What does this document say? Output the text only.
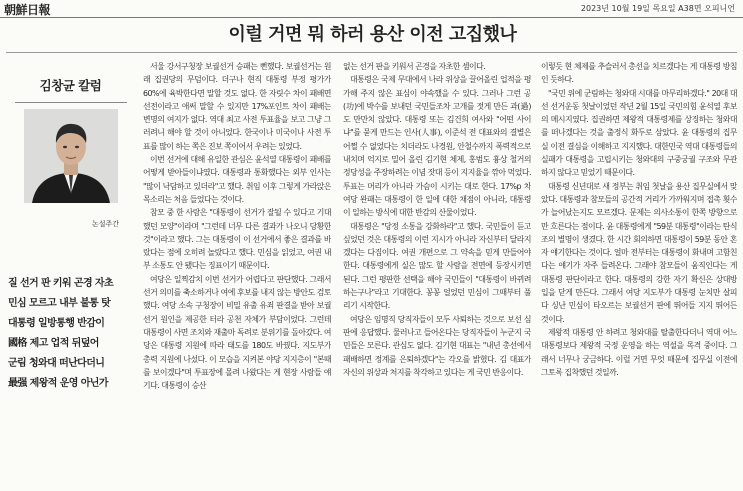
朝鮮日報	2023년 10월 19일 목요일 A38면 오피니언
이럴 거면 뭐 하러 용산 이전 고집했나
김창균 칼럼
논설주간
질 선거 판 키워 곤경 자초
민심 모르고 내부 불통 탓
대통령 일방통행 반감이
國格 제고 업적 뒤덮어
군림 청와대 떠난다더니
最强 제왕적 운영 아닌가

서울 강서구청장 보궐선거 승패는 뻔했다. 보궐선거는 원래 집권당의 무덤이다. 더구나 현직 대통령 부정 평가가 60%에 육박한다면 말할 것도 없다. 한 자릿수 차이 패배면 선전이라고 애써 말할 수 있지만 17%포인트 차이 패배는 변명의 여지가 없다. 역대 최고 사전 투표율을 보고 그냥 그러려니 해야 할 것이 아니었다. 한국이나 미국이나 사전 투표를 많이 하는 쪽은 진보 쪽이어서 우려는 있었다.

이번 선거에 대해 유일한 관심은 윤석열 대통령이 패배를 어떻게 받아들이냐였다. 대통령과 통화했다는 외부 인사는 "많이 낙담하고 있더라"고 했다. 취임 이후 그렇게 가라앉은 목소리는 처음 들었다는 것이다.

참모 중 한 사람은 "대통령이 선거가 잘될 수 있다고 기대했던 모양"이라며 "그런데 너무 다른 결과가 나오니 당황한 것"이라고 했다. 그는 대통령이 이 선거에서 좋은 결과를 바랐다는 점에 오히려 놀랐다고 했다. 민심을 읽었고, 여권 내부 소통도 안 됐다는 징표이기 때문이다.

여당은 일찍감치 이번 선거가 어렵다고 판단했다. 그래서 선거 의미를 축소하거나 여에 후보를 내지 않는 방안도 검토했다. 여당 소속 구청장이 비밀 유출 유죄 판결을 받아 보궐선거 원인을 제공한 터라 공천 자체가 부담이었다. 그런데 대통령이 사면 조치와 재출마 독려로 분위기를 돌아갔다. 여당은 대통령 지원에 따라 태도를 180도 바꿨다. 지도부가 총력 지원에 나섰다. 이 모습을 지켜본 야당 지지층이 "본때를 보이겠다"며 투표장에 몰려 나왔다는 게 현장 사람들 얘기다. 대통령이 승산

없는 선거 판을 키워서 곤경을 자초한 셈이다.

대통령은 국제 무대에서 나라 위상을 끌어올린 업적을 평가해 주지 않은 표심이 야속했을 수 있다. 그러나 그런 공(功)에 박수를 보내던 국민들조차 고개를 젓게 만든 과(過)도 만만치 않았다. 대통령 또는 김건희 여사와 "어떤 사이냐"를 묻게 만드는 인사(人事), 이준석 전 대표와의 결별은 어쩔 수 없었다는 치더라도 나경원, 안철수까지 폭력적으로 내치며 억지로 밀어 올린 김기현 체제, 홍범도 흉상 철거의 정당성을 주장하려는 이념 잣대 등이 지지율을 깎아 먹었다. 투표는 머리가 아니라 가슴이 시키는 대로 한다. 17%p 차 여당 완패는 대통령이 한 일에 대한 채점이 아니라, 대통령이 일하는 방식에 대한 반감의 산물이었다.

대통령은 "당정 소통을 강화하라"고 했다. 국민들이 듣고 싶었던 것은 대통령의 이런 지시가 아니라 자신부터 달라지겠다는 다짐이다. 여권 개편으로 그 약속을 믿게 만들어야 한다. 대통령에게 실은 많도 할 사람을 전면에 등장시키면 된다. 그런 평판한 선택을 해야 국민들이 "대통령이 바뀌려 하는구나"라고 기대한다. 꽁꽁 얼었던 민심이 그때부터 풀리기 시작한다.

여당은 임명직 당직자들이 모두 사퇴하는 것으로 보선 심판에 응답했다. 물러나고 들어온다는 당직자들이 누군지 국민들은 모른다. 관심도 없다. 김기현 대표는 "내년 총선에서 패배하면 정계를 은퇴하겠다"는 각오를 밝혔다. 김 대표가 자신의 위상과 처지를 착각하고 있다는 게 국민 반응이다.

이렇듯 현 체제를 추슬러서 총선을 치르겠다는 게 대통령 방침인 듯하다.

"국민 위에 군림하는 청와대 시대를 마무리하겠다." 20대 대선 선거운동 첫날이었던 작년 2월 15일 국민의힘 윤석열 후보의 메시지였다. 집권하면 제왕적 대통령제를 상징하는 청와대를 떠나겠다는 것을 출정식 화두로 삼았다. 윤 대통령의 집무실 이전 결심을 이해하고 지지했다. 대한민국 역대 대통령들의 실패가 대통령을 고립시키는 청와대의 구중궁궐 구조와 무관하지 않다고 믿었기 때문이다.

대통령 신년대로 새 정부는 취임 첫날을 용산 집무실에서 맞았다. 대통령과 참모들의 공간적 거리가 가까워지며 접촉 횟수가 늘어났는지도 모르겠다. 문제는 의사소통이 한쪽 방향으로만 흐른다는 점이다. 윤 대통령에게 "59분 대통령"이라는 탄식조의 별명이 생겼다. 한 시간 회의하면 대통령이 59분 동안 혼자 얘기한다는 것이다. 얼마 전부터는 대통령이 화내며 고함친다는 얘기가 자주 들려온다. 그래야 참모들이 움직인다는 게 대통령 판단이라고 한다. 대통령의 강한 자기 확신은 상대방 입을 닫게 만든다. 그래서 여당 지도부가 대통령 눈치만 살피다 싱난 민심이 타오르는 보궐선거 판에 뛰어들 지지 뛰어든 것이다.

제왕적 대통령 안 하려고 청와대를 탈출한다더니 역대 어느 대통령보다 제왕적 국정 운영을 하는 역설을 목격 중이다. 그래서 너무나 궁금하다. 이럴 거면 무엇 때문에 집무실 이전에 그토록 집착했던 것일까.
